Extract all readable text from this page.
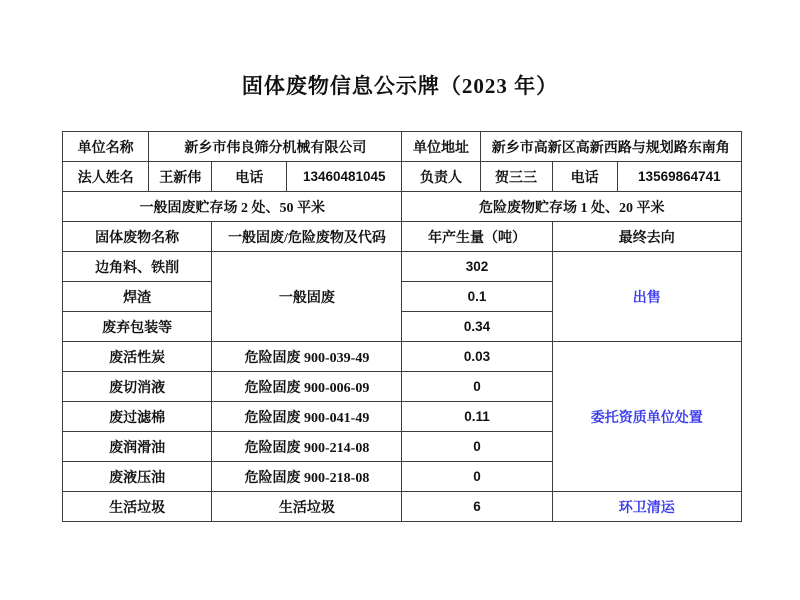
固体废物信息公示牌（2023 年）
单位名称	新乡市伟良筛分机械有限公司			单位地址	新乡市高新区高新西路与规划路东南角		
法人姓名	王新伟	电话	13460481045	负责人	贺三三	电话	13569864741
一般固废贮存场 2 处、50 平米				危险废物贮存场 1 处、20 平米			
固体废物名称		一般固废/危险废物及代码		年产生量（吨）		最终去向	
边角料、铁削		一般固废		302		出售	
焊渣				0.1			
废弃包装等				0.34			
废活性炭		危险固废 900-039-49		0.03		委托资质单位处置	
废切消液		危险固废 900-006-09		0			
废过滤棉		危险固废 900-041-49		0.11			
废润滑油		危险固废 900-214-08		0			
废液压油		危险固废 900-218-08		0			
生活垃圾		生活垃圾		6		环卫清运	
